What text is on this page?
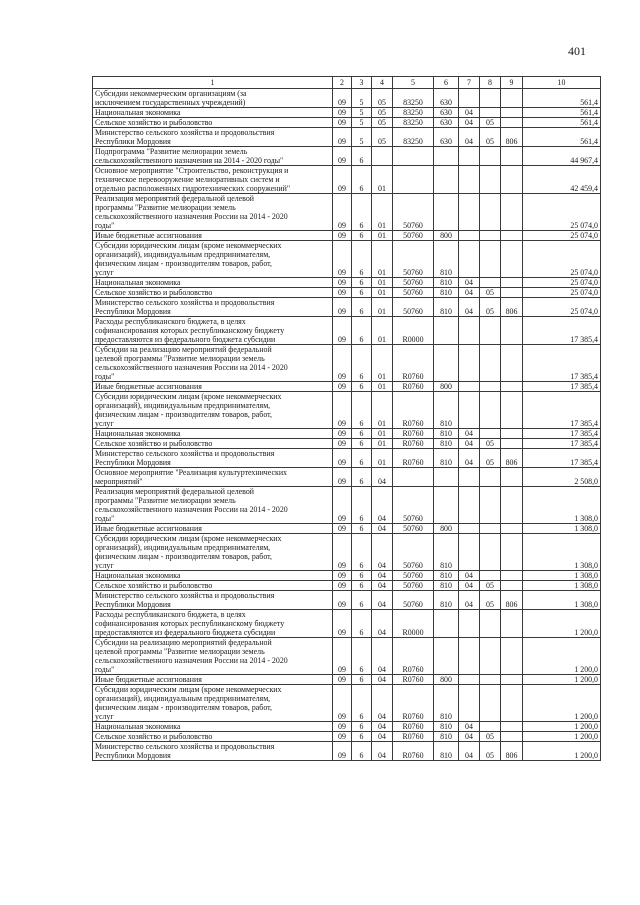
401
1	2	3	4	5	6	7	8	9	10
Субсидии некоммерческим организациям (за
исключением государственных учреждений)	09	5	05	83250	630				561,4
Национальная экономика	09	5	05	83250	630	04			561,4
Сельское хозяйство и рыболовство	09	5	05	83250	630	04	05		561,4
Министерство сельского хозяйства и продовольствия
Республики Мордовия	09	5	05	83250	630	04	05	806	561,4
Подпрограмма "Развитие мелиорации земель
сельскохозяйственного назначения на 2014 - 2020 годы"	09	6							44 967,4
Основное мероприятие "Строительство, реконструкция и
техническое перевооружение мелиоративных систем и
отдельно расположенных гидротехнических сооружений"	09	6	01						42 459,4
Реализация мероприятий федеральной целевой
программы "Развитие мелиорации земель
сельскохозяйственного назначения России на 2014 - 2020
годы"	09	6	01	50760					25 074,0
Иные бюджетные ассигнования	09	6	01	50760	800				25 074,0
Субсидии юридическим лицам (кроме некоммерческих
организаций), индивидуальным предпринимателям,
физическим лицам - производителям товаров, работ,
услуг	09	6	01	50760	810				25 074,0
Национальная экономика	09	6	01	50760	810	04			25 074,0
Сельское хозяйство и рыболовство	09	6	01	50760	810	04	05		25 074,0
Министерство сельского хозяйства и продовольствия
Республики Мордовия	09	6	01	50760	810	04	05	806	25 074,0
Расходы республиканского бюджета, в целях
софинансирования которых республиканскому бюджету
предоставляются из федерального бюджета субсидии	09	6	01	R0000					17 385,4
Субсидии на реализацию мероприятий федеральной
целевой программы "Развитие мелиорации земель
сельскохозяйственного назначения России на 2014 - 2020
годы"	09	6	01	R0760					17 385,4
Иные бюджетные ассигнования	09	6	01	R0760	800				17 385,4
Субсидии юридическим лицам (кроме некоммерческих
организаций), индивидуальным предпринимателям,
физическим лицам - производителям товаров, работ,
услуг	09	6	01	R0760	810				17 385,4
Национальная экономика	09	6	01	R0760	810	04			17 385,4
Сельское хозяйство и рыболовство	09	6	01	R0760	810	04	05		17 385,4
Министерство сельского хозяйства и продовольствия
Республики Мордовия	09	6	01	R0760	810	04	05	806	17 385,4
Основное мероприятие "Реализация культуртехнических
мероприятий"	09	6	04						2 508,0
Реализация мероприятий федеральной целевой
программы "Развитие мелиорации земель
сельскохозяйственного назначения России на 2014 - 2020
годы"	09	6	04	50760					1 308,0
Иные бюджетные ассигнования	09	6	04	50760	800				1 308,0
Субсидии юридическим лицам (кроме некоммерческих
организаций), индивидуальным предпринимателям,
физическим лицам - производителям товаров, работ,
услуг	09	6	04	50760	810				1 308,0
Национальная экономика	09	6	04	50760	810	04			1 308,0
Сельское хозяйство и рыболовство	09	6	04	50760	810	04	05		1 308,0
Министерство сельского хозяйства и продовольствия
Республики Мордовия	09	6	04	50760	810	04	05	806	1 308,0
Расходы республиканского бюджета, в целях
софинансирования которых республиканскому бюджету
предоставляются из федерального бюджета субсидии	09	6	04	R0000					1 200,0
Субсидии на реализацию мероприятий федеральной
целевой программы "Развитие мелиорации земель
сельскохозяйственного назначения России на 2014 - 2020
годы"	09	6	04	R0760					1 200,0
Иные бюджетные ассигнования	09	6	04	R0760	800				1 200,0
Субсидии юридическим лицам (кроме некоммерческих
организаций), индивидуальным предпринимателям,
физическим лицам - производителям товаров, работ,
услуг	09	6	04	R0760	810				1 200,0
Национальная экономика	09	6	04	R0760	810	04			1 200,0
Сельское хозяйство и рыболовство	09	6	04	R0760	810	04	05		1 200,0
Министерство сельского хозяйства и продовольствия
Республики Мордовия	09	6	04	R0760	810	04	05	806	1 200,0
